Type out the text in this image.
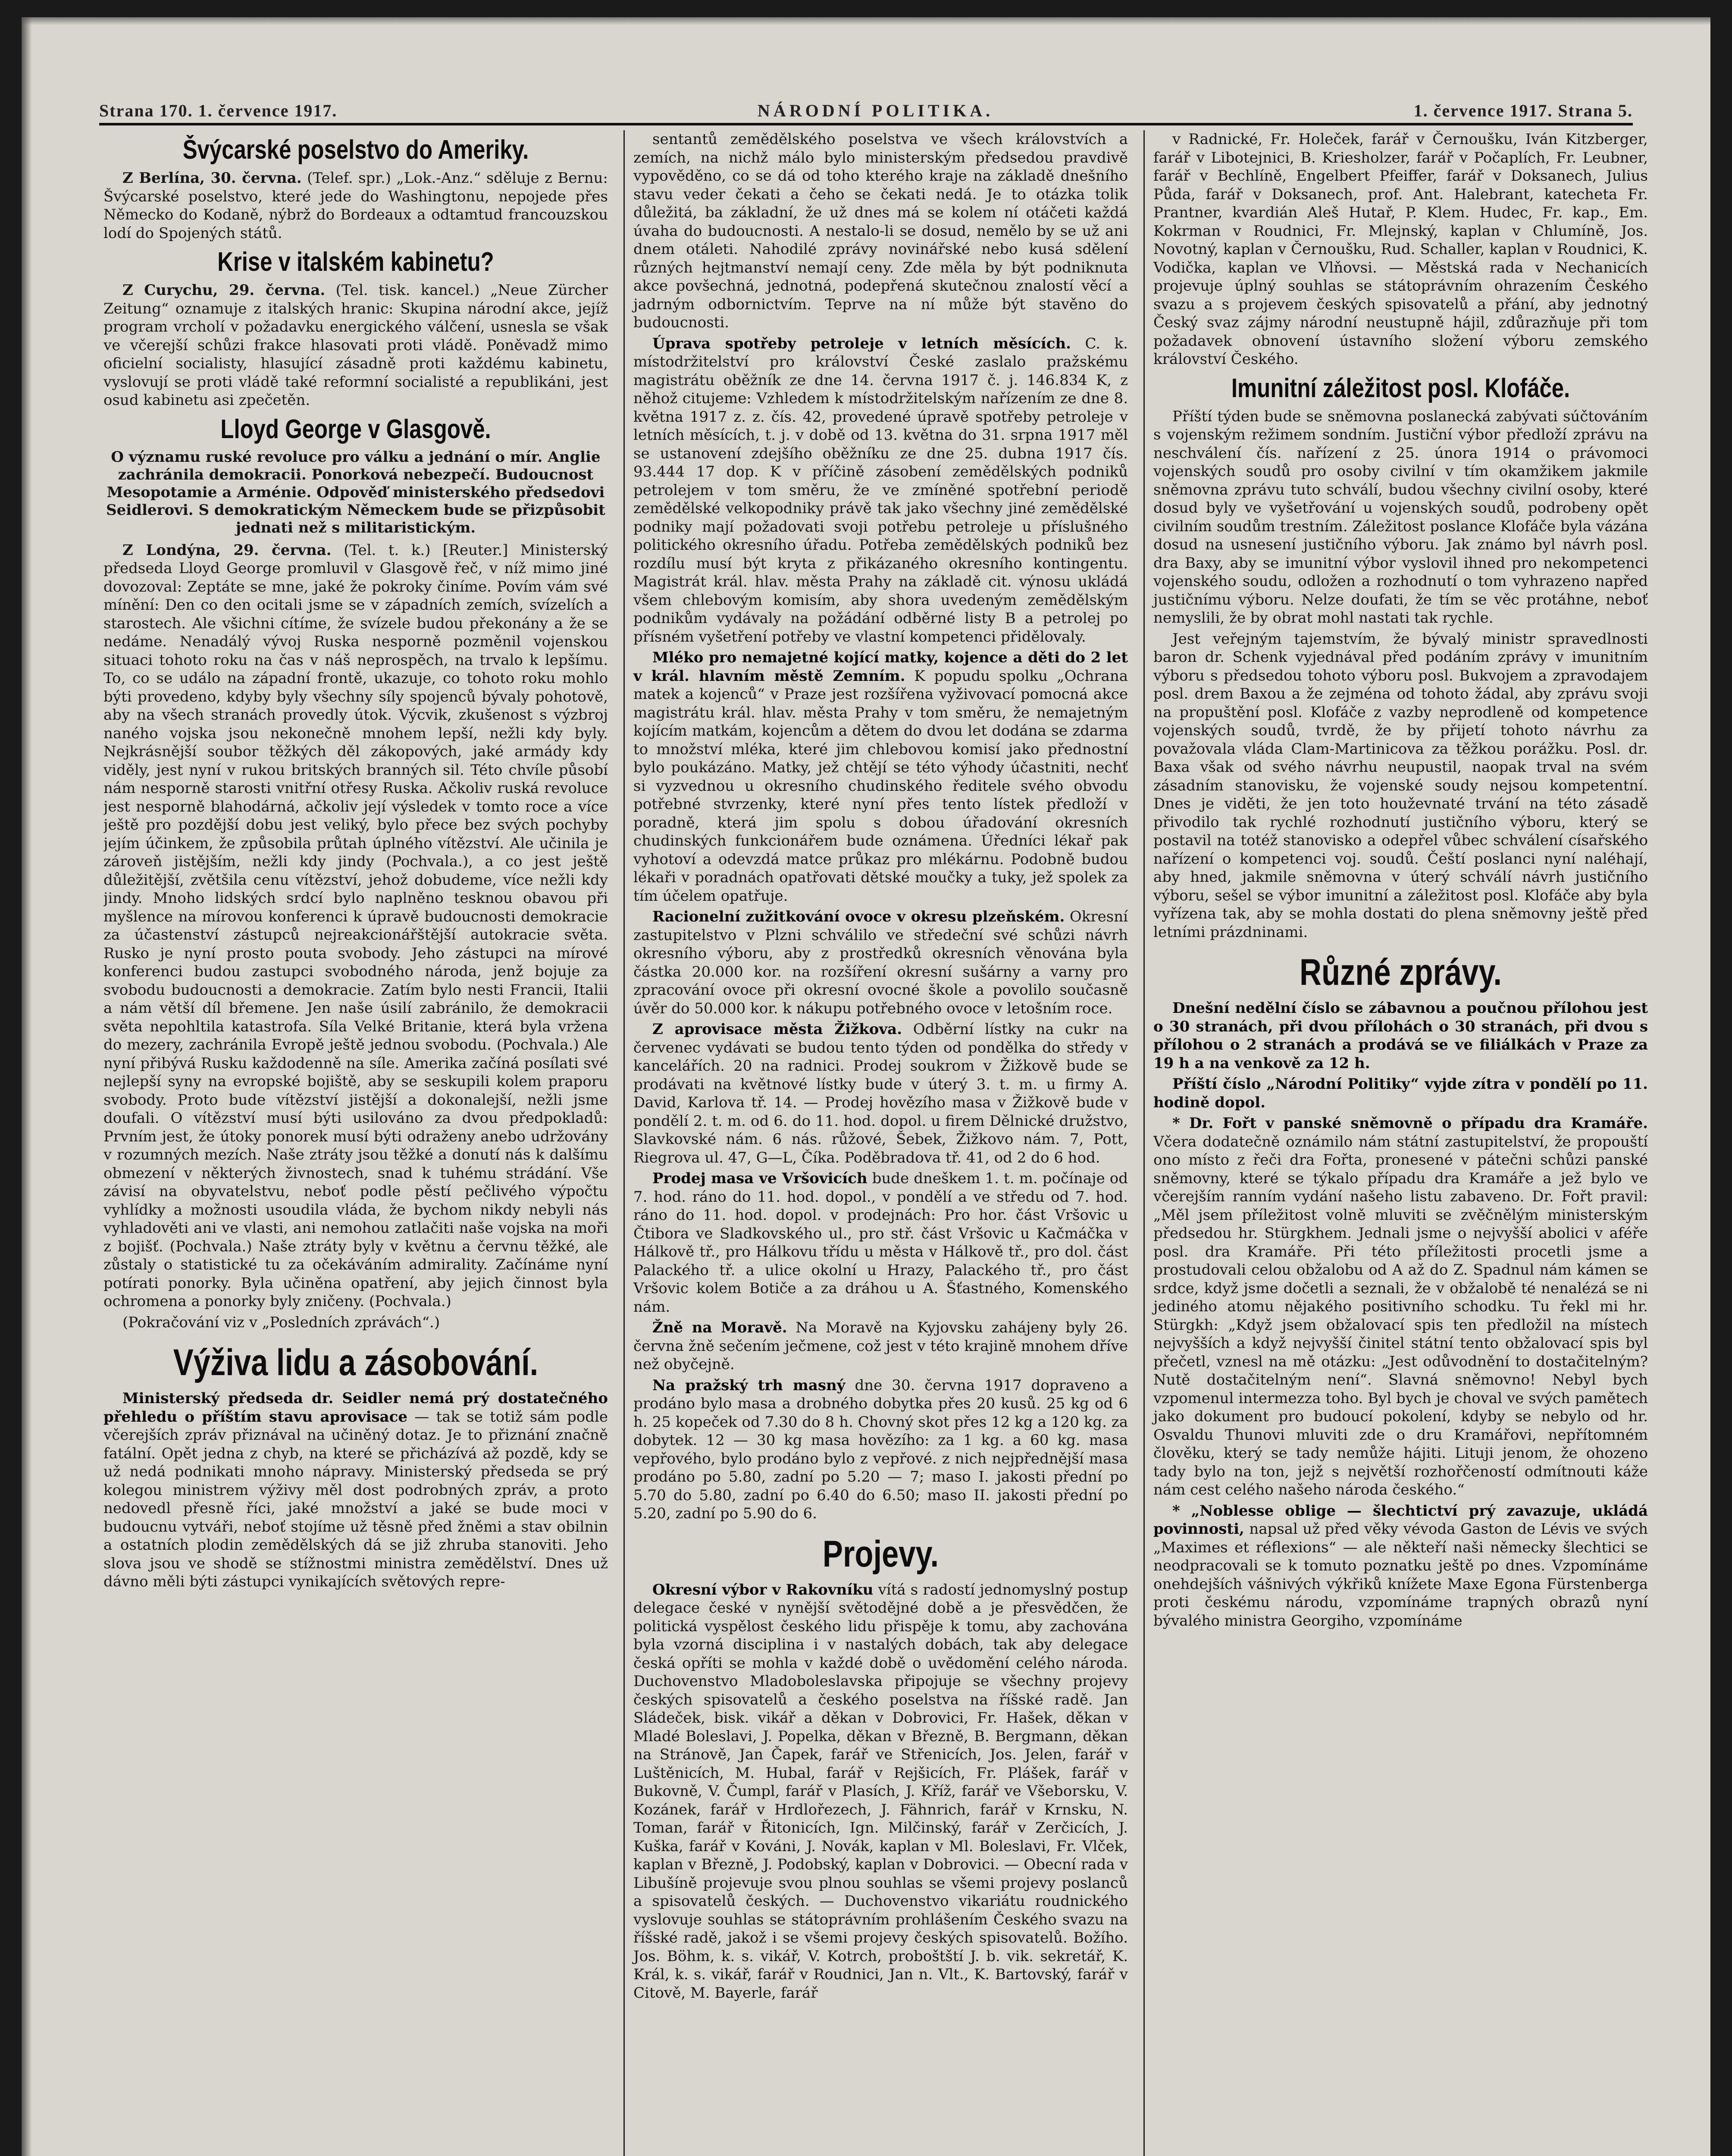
Strana 170. 1. července 1917.	NÁRODNÍ POLITIKA.	1. července 1917. Strana 5.
Švýcarské poselstvo do Ameriky.

Z Berlína, 30. června. (Telef. spr.) „Lok.-Anz.“ sděluje z Bernu: Švýcarské poselstvo, které jede do Washingtonu, nepojede přes Německo do Kodaně, nýbrž do Bordeaux a odtamtud francouzskou lodí do Spojených států.

Krise v italském kabinetu?

Z Curychu, 29. června. (Tel. tisk. kancel.) „Neue Zürcher Zeitung“ oznamuje z italských hranic: Skupina národní akce, jejíž program vrcholí v požadavku energického válčení, usnesla se však ve včerejší schůzi frakce hlasovati proti vládě. Poněvadž mimo oficielní socialisty, hlasující zásadně proti každému kabinetu, vyslovují se proti vládě také reformní socialisté a republikáni, jest osud kabinetu asi zpečetěn.

Lloyd George v Glasgově.
O významu ruské revoluce pro válku a jednání o mír. Anglie zachránila demokracii. Ponorková nebezpečí. Budoucnost Mesopotamie a Arménie. Odpověď ministerského předsedovi Seidlerovi. S demokratickým Německem bude se přizpůsobit jednati než s militaristickým.

Z Londýna, 29. června. (Tel. t. k.) [Reuter.] Ministerský předseda Lloyd George promluvil v Glasgově řeč, v níž mimo jiné dovozoval: Zeptáte se mne, jaké že pokroky činíme. Povím vám své mínění: Den co den ocitali jsme se v západních zemích, svízelích a starostech. Ale všichni cítíme, že svízele budou překonány a že se nedáme. Nenadálý vývoj Ruska nesporně pozměnil vojenskou situaci tohoto roku na čas v náš neprospěch, na trvalo k lepšímu. To, co se událo na západní frontě, ukazuje, co tohoto roku mohlo býti provedeno, kdyby byly všechny síly spojenců bývaly pohotově, aby na všech stranách provedly útok. Výcvik, zkušenost s výzbroj naného vojska jsou nekonečně mnohem lepší, nežli kdy byly. Nejkrásnější soubor těžkých děl zákopových, jaké armády kdy viděly, jest nyní v rukou britských branných sil. Této chvíle působí nám nesporně starosti vnitřní otřesy Ruska. Ačkoliv ruská revoluce jest nesporně blahodárná, ačkoliv její výsledek v tomto roce a více ještě pro pozdější dobu jest veliký, bylo přece bez svých pochyby jejím účinkem, že způsobila průtah úplného vítězství. Ale učinila je zároveň jistějším, nežli kdy jindy (Pochvala.), a co jest ještě důležitější, zvětšila cenu vítězství, jehož dobudeme, více nežli kdy jindy. Mnoho lidských srdcí bylo naplněno tesknou obavou při myšlence na mírovou konferenci k úpravě budoucnosti demokracie za účastenství zástupců nejreakcionářštější autokracie světa. Rusko je nyní prosto pouta svobody. Jeho zástupci na mírové konferenci budou zastupci svobodného národa, jenž bojuje za svobodu budoucnosti a demokracie. Zatím bylo nesti Francii, Italii a nám větší díl břemene. Jen naše úsilí zabránilo, že demokracii světa nepohltila katastrofa. Síla Velké Britanie, která byla vržena do mezery, zachránila Evropě ještě jednou svobodu. (Pochvala.) Ale nyní přibývá Rusku každodenně na síle. Amerika začíná posílati své nejlepší syny na evropské bojiště, aby se seskupili kolem praporu svobody. Proto bude vítězství jistější a dokonalejší, nežli jsme doufali. O vítězství musí býti usilováno za dvou předpokladů: Prvním jest, že útoky ponorek musí býti odraženy anebo udržovány v rozumných mezích. Naše ztráty jsou těžké a donutí nás k dalšímu obmezení v některých živnostech, snad k tuhému strádání. Vše závisí na obyvatelstvu, neboť podle pěstí pečlivého výpočtu vyhlídky a možnosti usoudila vláda, že bychom nikdy nebyli nás vyhladověti ani ve vlasti, ani nemohou zatlačiti naše vojska na moři z bojišť. (Pochvala.) Naše ztráty byly v květnu a červnu těžké, ale zůstaly o statistické tu za očekáváním admirality. Začínáme nyní potírati ponorky. Byla učiněna opatření, aby jejich činnost byla ochromena a ponorky byly zničeny. (Pochvala.)

(Pokračování viz v „Posledních zprávách“.)

Výživa lidu a zásobování.

Ministerský předseda dr. Seidler nemá prý dostatečného přehledu o příštím stavu aprovisace — tak se totiž sám podle včerejších zpráv přiznával na učiněný dotaz. Je to přiznání značně fatální. Opět jedna z chyb, na které se přicházívá až pozdě, kdy se už nedá podnikati mnoho nápravy. Ministerský předseda se prý kolegou ministrem výživy měl dost podrobných zpráv, a proto nedovedl přesně říci, jaké množství a jaké se bude moci v budoucnu vytváři, neboť stojíme už těsně před žněmi a stav obilnin a ostatních plodin zemědělských dá se již zhruba stanoviti. Jeho slova jsou ve shodě se stížnostmi ministra zemědělství. Dnes už dávno měli býti zástupci vynikajících světových repre-

sentantů zemědělského poselstva ve všech královstvích a zemích, na nichž málo bylo ministerským předsedou pravdivě vypověděno, co se dá od toho kterého kraje na základě dnešního stavu veder čekati a čeho se čekati nedá. Je to otázka tolik důležitá, ba základní, že už dnes má se kolem ní otáčeti každá úvaha do budoucnosti. A nestalo-li se dosud, nemělo by se už ani dnem otáleti. Nahodilé zprávy novinářské nebo kusá sdělení různých hejtmanství nemají ceny. Zde měla by být podniknuta akce povšechná, jednotná, podepřená skutečnou znalostí věcí a jadrným odbornictvím. Teprve na ní může být stavěno do budoucnosti.

Úprava spotřeby petroleje v letních měsících. C. k. místodržitelství pro království České zaslalo pražskému magistrátu oběžník ze dne 14. června 1917 č. j. 146.834 K, z něhož citujeme: Vzhledem k místodržitelským nařízením ze dne 8. května 1917 z. z. čís. 42, provedené úpravě spotřeby petroleje v letních měsících, t. j. v době od 13. května do 31. srpna 1917 měl se ustanovení zdejšího oběžníku ze dne 25. dubna 1917 čís. 93.444 17 dop. K v příčině zásobení zemědělských podniků petrolejem v tom směru, že ve zmíněné spotřební periodě zemědělské velkopodniky právě tak jako všechny jiné zemědělské podniky mají požadovati svoji potřebu petroleje u příslušného politického okresního úřadu. Potřeba zemědělských podniků bez rozdílu musí být kryta z přikázaného okresního kontingentu. Magistrát král. hlav. města Prahy na základě cit. výnosu ukládá všem chlebovým komisím, aby shora uvedeným zemědělským podnikům vydávaly na požádání odběrné listy B a petrolej po přísném vyšetření potřeby ve vlastní kompetenci přidělovaly.

Mléko pro nemajetné kojící matky, kojence a děti do 2 let v král. hlavním městě Zemním. K popudu spolku „Ochrana matek a kojenců“ v Praze jest rozšířena vyživovací pomocná akce magistrátu král. hlav. města Prahy v tom směru, že nemajetným kojícím matkám, kojencům a dětem do dvou let dodána se zdarma to množství mléka, které jim chlebovou komisí jako přednostní bylo poukázáno. Matky, jež chtějí se této výhody účastniti, nechť si vyzvednou u okresního chudinského ředitele svého obvodu potřebné stvrzenky, které nyní přes tento lístek předloží v poradně, která jim spolu s dobou úřadování okresních chudinských funkcionářem bude oznámena. Úředníci lékař pak vyhotoví a odevzdá matce průkaz pro mlékárnu. Podobně budou lékaři v poradnách opatřovati dětské moučky a tuky, jež spolek za tím účelem opatřuje.

Racionelní zužitkování ovoce v okresu plzeňském. Okresní zastupitelstvo v Plzni schválilo ve středeční své schůzi návrh okresního výboru, aby z prostředků okresních věnována byla částka 20.000 kor. na rozšíření okresní sušárny a varny pro zpracování ovoce při okresní ovocné škole a povolilo současně úvěr do 50.000 kor. k nákupu potřebného ovoce v letošním roce.

Z aprovisace města Žižkova. Odběrní lístky na cukr na červenec vydávati se budou tento týden od pondělka do středy v kancelářích. 20 na radnici. Prodej soukrom v Žižkově bude se prodávati na květnové lístky bude v úterý 3. t. m. u firmy A. David, Karlova tř. 14. — Prodej hovězího masa v Žižkově bude v pondělí 2. t. m. od 6. do 11. hod. dopol. u firem Dělnické družstvo, Slavkovské nám. 6 nás. růžové, Šebek, Žižkovo nám. 7, Pott, Riegrova ul. 47, G—L, Číka. Poděbradova tř. 41, od 2 do 6 hod.

Prodej masa ve Vršovicích bude dneškem 1. t. m. počínaje od 7. hod. ráno do 11. hod. dopol., v pondělí a ve středu od 7. hod. ráno do 11. hod. dopol. v prodejnách: Pro hor. část Vršovic u Čtibora ve Sladkovského ul., pro stř. část Vršovic u Kačmáčka v Hálkově tř., pro Hálkovu třídu u města v Hálkově tř., pro dol. část Palackého tř. a ulice okolní u Hrazy, Palackého tř., pro část Vršovic kolem Botiče a za dráhou u A. Šťastného, Komenského nám.

Žně na Moravě. Na Moravě na Kyjovsku zahájeny byly 26. června žně sečením ječmene, což jest v této krajině mnohem dříve než obyčejně.

Na pražský trh masný dne 30. června 1917 dopraveno a prodáno bylo masa a drobného dobytka přes 20 kusů. 25 kg od 6 h. 25 kopeček od 7.30 do 8 h. Chovný skot přes 12 kg a 120 kg. za dobytek. 12 — 30 kg masa hovězího: za 1 kg. a 60 kg. masa vepřového, bylo prodáno bylo z vepřové. z nich nejpřednější masa prodáno po 5.80, zadní po 5.20 — 7; maso I. jakosti přední po 5.70 do 5.80, zadní po 6.40 do 6.50; maso II. jakosti přední po 5.20, zadní po 5.90 do 6.

Projevy.

Okresní výbor v Rakovníku vítá s radostí jednomyslný postup delegace české v nynější světodějné době a je přesvědčen, že politická vyspělost českého lidu přispěje k tomu, aby zachována byla vzorná disciplina i v nastalých dobách, tak aby delegace česká opříti se mohla v každé době o uvědomění celého národa. Duchovenstvo Mladoboleslavska připojuje se všechny projevy českých spisovatelů a českého poselstva na říšské radě. Jan Sládeček, bisk. vikář a děkan v Dobrovici, Fr. Hašek, děkan v Mladé Boleslavi, J. Popelka, děkan v Březně, B. Bergmann, děkan na Stránově, Jan Čapek, farář ve Střenicích, Jos. Jelen, farář v Luštěnicích, M. Hubal, farář v Rejšicích, Fr. Plášek, farář v Bukovně, V. Čumpl, farář v Plasích, J. Kříž, farář ve Všeborsku, V. Kozánek, farář v Hrdlořezech, J. Fähnrich, farář v Krnsku, N. Toman, farář v Řitonicích, Ign. Milčinský, farář v Zerčicích, J. Kuška, farář v Kováni, J. Novák, kaplan v Ml. Boleslavi, Fr. Vlček, kaplan v Březně, J. Podobský, kaplan v Dobrovici. — Obecní rada v Libušíně projevuje svou plnou souhlas se všemi projevy poslanců a spisovatelů českých. — Duchovenstvo vikariátu roudnického vyslovuje souhlas se státoprávním prohlášením Českého svazu na říšské radě, jakož i se všemi projevy českých spisovatelů. Božího. Jos. Böhm, k. s. vikář, V. Kotrch, proboštští J. b. vik. sekretář, K. Král, k. s. vikář, farář v Roudnici, Jan n. Vlt., K. Bartovský, farář v Citově, M. Bayerle, farář

v Radnické, Fr. Holeček, farář v Černoušku, Iván Kitzberger, farář v Libotejnici, B. Kriesholzer, farář v Počaplích, Fr. Leubner, farář v Bechlíně, Engelbert Pfeiffer, farář v Doksanech, Julius Půda, farář v Doksanech, prof. Ant. Halebrant, katecheta Fr. Prantner, kvardián Aleš Hutař, P. Klem. Hudec, Fr. kap., Em. Kokrman v Roudnici, Fr. Mlejnský, kaplan v Chlumíně, Jos. Novotný, kaplan v Černoušku, Rud. Schaller, kaplan v Roudnici, K. Vodička, kaplan ve Vlňovsi. — Městská rada v Nechanicích projevuje úplný souhlas se státoprávním ohrazením Českého svazu a s projevem českých spisovatelů a přání, aby jednotný Český svaz zájmy národní neustupně hájil, zdůrazňuje při tom požadavek obnovení ústavního složení výboru zemského království Českého.

Imunitní záležitost posl. Klofáče.

Příští týden bude se sněmovna poslanecká zabývati súčtováním s vojenským režimem sondním. Justiční výbor předloží zprávu na neschválení čís. nařízení z 25. února 1914 o právomoci vojenských soudů pro osoby civilní v tím okamžikem jakmile sněmovna zprávu tuto schválí, budou všechny civilní osoby, které dosud byly ve vyšetřování u vojenských soudů, podrobeny opět civilním soudům trestním. Záležitost poslance Klofáče byla vázána dosud na usnesení justičního výboru. Jak známo byl návrh posl. dra Baxy, aby se imunitní výbor vyslovil ihned pro nekompetenci vojenského soudu, odložen a rozhodnutí o tom vyhrazeno napřed justičnímu výboru. Nelze doufati, že tím se věc protáhne, neboť nemyslili, že by obrat mohl nastati tak rychle.

Jest veřejným tajemstvím, že bývalý ministr spravedlnosti baron dr. Schenk vyjednával před podáním zprávy v imunitním výboru s předsedou tohoto výboru posl. Bukvojem a zpravodajem posl. drem Baxou a že zejména od tohoto žádal, aby zprávu svoji na propuštění posl. Klofáče z vazby neprodleně od kompetence vojenských soudů, tvrdě, že by přijetí tohoto návrhu za považovala vláda Clam-Martinicova za těžkou porážku. Posl. dr. Baxa však od svého návrhu neupustil, naopak trval na svém zásadním stanovisku, že vojenské soudy nejsou kompetentní. Dnes je viděti, že jen toto houževnaté trvání na této zásadě přivodilo tak rychlé rozhodnutí justičního výboru, který se postavil na totéž stanovisko a odepřel vůbec schválení císařského nařízení o kompetenci voj. soudů. Čeští poslanci nyní naléhají, aby hned, jakmile sněmovna v úterý schválí návrh justičního výboru, sešel se výbor imunitní a záležitost posl. Klofáče aby byla vyřízena tak, aby se mohla dostati do plena sněmovny ještě před letními prázdninami.

Různé zprávy.

Dnešní nedělní číslo se zábavnou a poučnou přílohou jest o 30 stranách, při dvou přílohách o 30 stranách, při dvou s přílohou o 2 stranách a prodává se ve filiálkách v Praze za 19 h a na venkově za 12 h.

Příští číslo „Národní Politiky“ vyjde zítra v pondělí po 11. hodině dopol.

* Dr. Fořt v panské sněmovně o případu dra Kramáře. Včera dodatečně oznámilo nám státní zastupitelství, že propouští ono místo z řeči dra Fořta, pronesené v pátečni schůzi panské sněmovny, které se týkalo případu dra Kramáře a jež bylo ve včerejším ranním vydání našeho listu zabaveno. Dr. Fořt pravil: „Měl jsem příležitost volně mluviti se zvěčnělým ministerským předsedou hr. Stürgkhem. Jednali jsme o nejvyšší abolici v aféře posl. dra Kramáře. Při této příležitosti procetli jsme a prostudovali celou obžalobu od A až do Z. Spadnul nám kámen se srdce, když jsme dočetli a seznali, že v obžalobě té nenalézá se ni jediného atomu nějakého positivního schodku. Tu řekl mi hr. Stürgkh: „Když jsem obžalovací spis ten předložil na místech nejvyšších a když nejvyšší činitel státní tento obžalovací spis byl přečetl, vznesl na mě otázku: „Jest odůvodnění to dostačitelným? Nutě dostačitelným není“. Slavná sněmovno! Nebyl bych vzpomenul intermezza toho. Byl bych je choval ve svých pamětech jako dokument pro budoucí pokolení, kdyby se nebylo od hr. Osvaldu Thunovi mluviti zde o dru Kramářovi, nepřítomném člověku, který se tady nemůže hájiti. Lituji jenom, že ohozeno tady bylo na ton, jejž s největší rozhořčeností odmítnouti káže nám cest celého našeho národa českého.“

* „Noblesse oblige — šlechtictví prý zavazuje, ukládá povinnosti, napsal už před věky vévoda Gaston de Lévis ve svých „Maximes et réflexions“ — ale někteří naši německy šlechtici se neodpracovali se k tomuto poznatku ještě po dnes. Vzpomínáme onehdejších vášnivých výkřiků knížete Maxe Egona Fürstenberga proti českému národu, vzpomínáme trapných obrazů nyní bývalého ministra Georgiho, vzpomínáme
